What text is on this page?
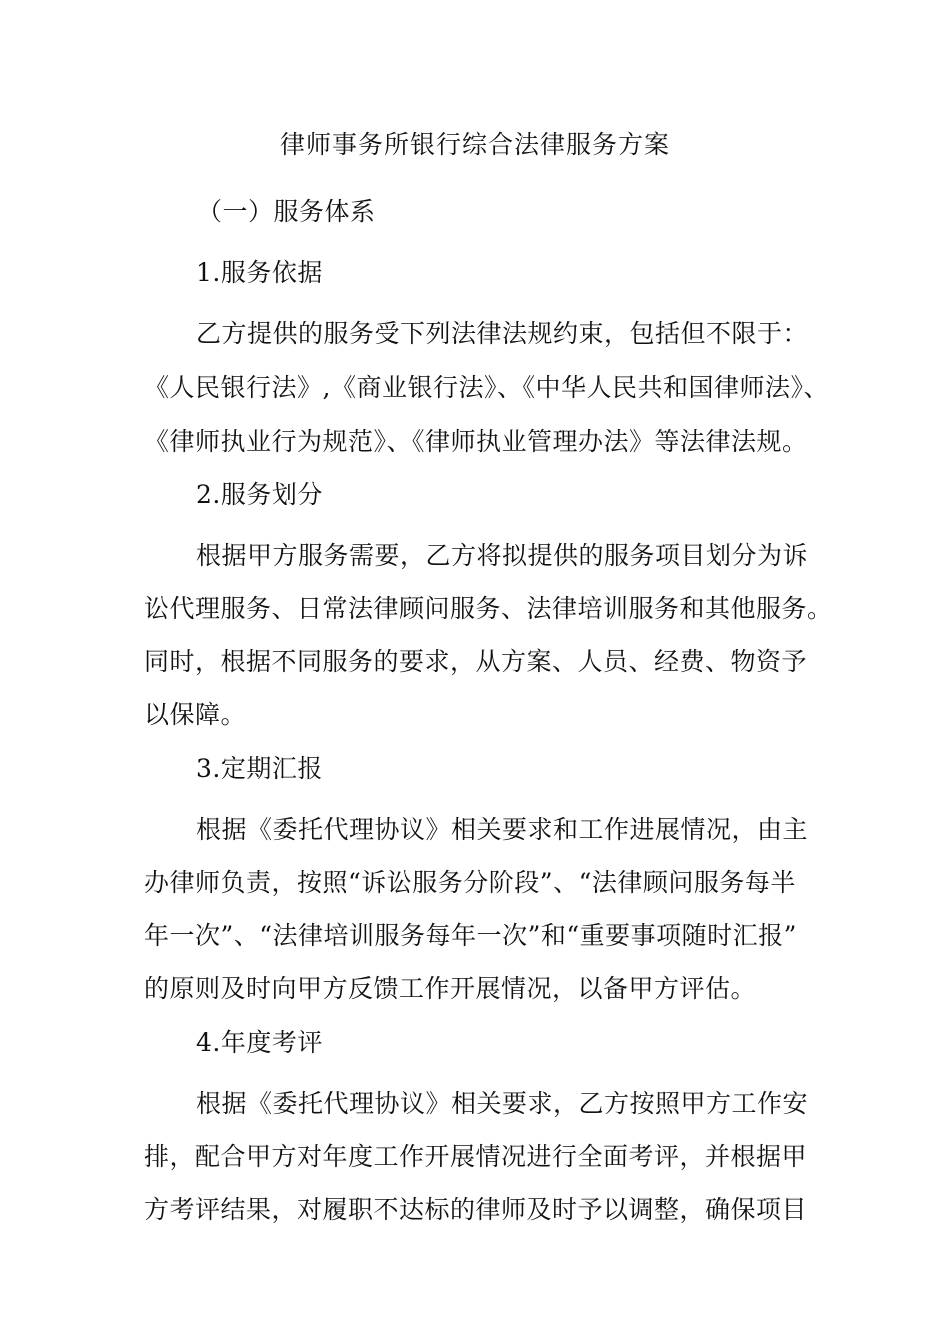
律师事务所银行综合法律服务方案
（一）服务体系
1.服务依据
乙方提供的服务受下列法律法规约束，包括但不限于：
《人民银行法》,《商业银行法》、《中华人民共和国律师法》、
《律师执业行为规范》、《律师执业管理办法》等法律法规。
2.服务划分
根据甲方服务需要，乙方将拟提供的服务项目划分为诉
讼代理服务、日常法律顾问服务、法律培训服务和其他服务。
同时，根据不同服务的要求，从方案、人员、经费、物资予
以保障。
3.定期汇报
根据《委托代理协议》相关要求和工作进展情况，由主
办律师负责，按照“诉讼服务分阶段”、“法律顾问服务每半
年一次”、“法律培训服务每年一次”和“重要事项随时汇报”
的原则及时向甲方反馈工作开展情况，以备甲方评估。
4.年度考评
根据《委托代理协议》相关要求，乙方按照甲方工作安
排，配合甲方对年度工作开展情况进行全面考评，并根据甲
方考评结果，对履职不达标的律师及时予以调整，确保项目
